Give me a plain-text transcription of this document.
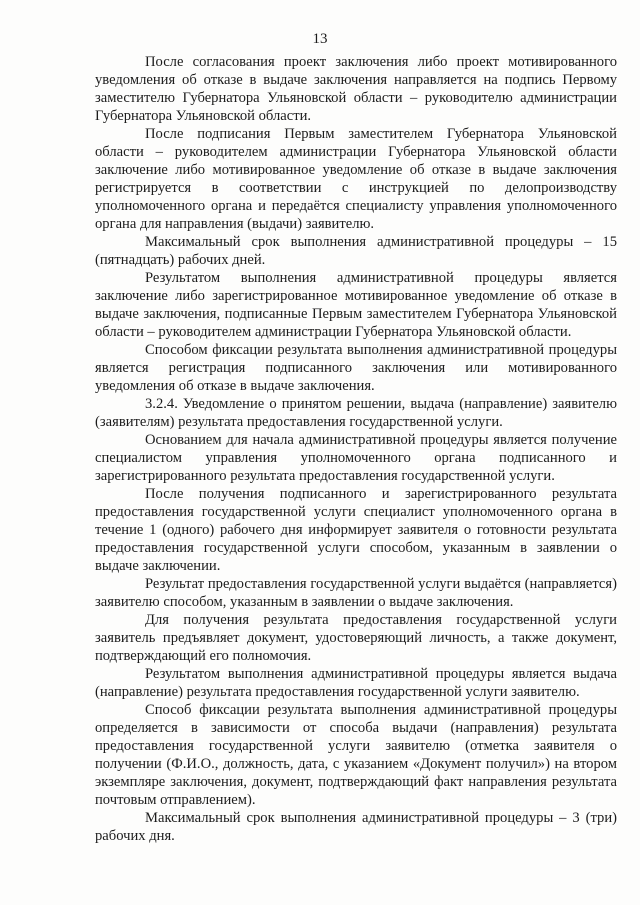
13

После согласования проект заключения либо проект мотивированного уведомления об отказе в выдаче заключения направляется на подпись Первому заместителю Губернатора Ульяновской области – руководителю администрации Губернатора Ульяновской области.

После подписания Первым заместителем Губернатора Ульяновской области – руководителем администрации Губернатора Ульяновской области заключение либо мотивированное уведомление об отказе в выдаче заключения регистрируется в соответствии с инструкцией по делопроизводству уполномоченного органа и передаётся специалисту управления уполномоченного органа для направления (выдачи) заявителю.

Максимальный срок выполнения административной процедуры – 15 (пятнадцать) рабочих дней.

Результатом выполнения административной процедуры является заключение либо зарегистрированное мотивированное уведомление об отказе в выдаче заключения, подписанные Первым заместителем Губернатора Ульяновской области – руководителем администрации Губернатора Ульяновской области.

Способом фиксации результата выполнения административной процедуры является регистрация подписанного заключения или мотивированного уведомления об отказе в выдаче заключения.

3.2.4. Уведомление о принятом решении, выдача (направление) заявителю (заявителям) результата предоставления государственной услуги.

Основанием для начала административной процедуры является получение специалистом управления уполномоченного органа подписанного и зарегистрированного результата предоставления государственной услуги.

После получения подписанного и зарегистрированного результата предоставления государственной услуги специалист уполномоченного органа в течение 1 (одного) рабочего дня информирует заявителя о готовности результата предоставления государственной услуги способом, указанным в заявлении о выдаче заключении.

Результат предоставления государственной услуги выдаётся (направляется) заявителю способом, указанным в заявлении о выдаче заключения.

Для получения результата предоставления государственной услуги заявитель предъявляет документ, удостоверяющий личность, а также документ, подтверждающий его полномочия.

Результатом выполнения административной процедуры является выдача (направление) результата предоставления государственной услуги заявителю.

Способ фиксации результата выполнения административной процедуры определяется в зависимости от способа выдачи (направления) результата предоставления государственной услуги заявителю (отметка заявителя о получении (Ф.И.О., должность, дата, с указанием «Документ получил») на втором экземпляре заключения, документ, подтверждающий факт направления результата почтовым отправлением).

Максимальный срок выполнения административной процедуры – 3 (три) рабочих дня.
